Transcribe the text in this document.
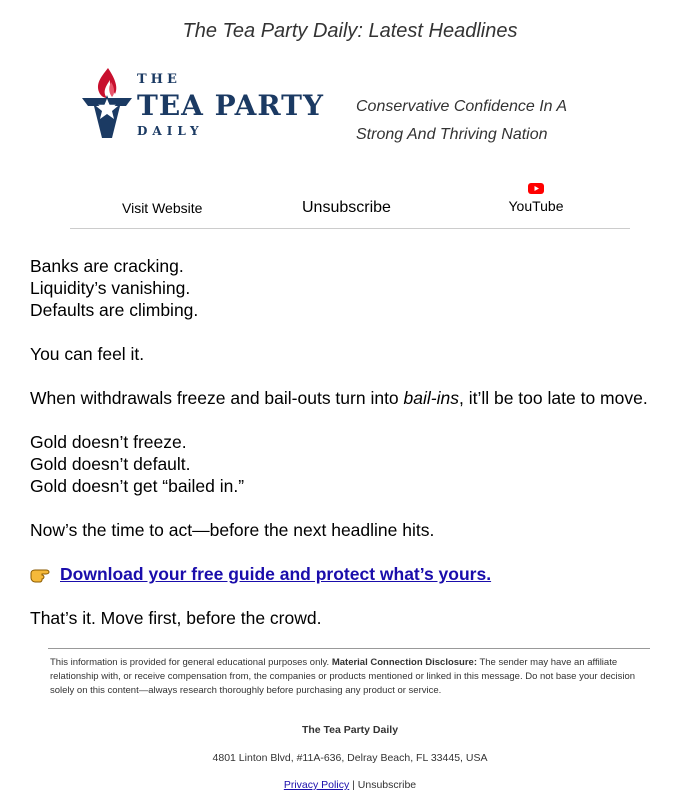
The Tea Party Daily: Latest Headlines
THE
TEA PARTY
DAILY
Conservative Confidence In A
Strong And Thriving Nation
Visit Website	Unsubscribe	YouTube

Banks are cracking.
Liquidity’s vanishing.
Defaults are climbing.

You can feel it.

When withdrawals freeze and bail-outs turn into bail-ins, it’ll be too late to move.

Gold doesn’t freeze.
Gold doesn’t default.
Gold doesn’t get “bailed in.”

Now’s the time to act—before the next headline hits.

Download your free guide and protect what’s yours.

That’s it. Move first, before the crowd.

This information is provided for general educational purposes only. Material Connection Disclosure: The sender may have an affiliate relationship with, or receive compensation from, the companies or products mentioned or linked in this message. Do not base your decision solely on this content—always research thoroughly before purchasing any product or service.
The Tea Party Daily
4801 Linton Blvd, #11A-636, Delray Beach, FL 33445, USA
Privacy Policy | Unsubscribe
